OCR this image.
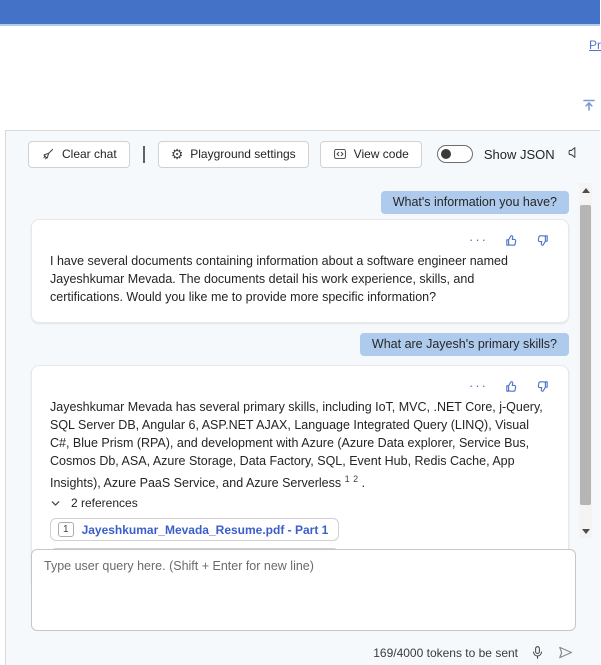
Pr
Clear chat	⚙ Playground settings	View code	Show JSON
What's information you have?
···

I have several documents containing information about a software engineer named Jayeshkumar Mevada. The documents detail his work experience, skills, and certifications. Would you like me to provide more specific information?

What are Jayesh's primary skills?
···

Jayeshkumar Mevada has several primary skills, including IoT, MVC, .NET Core, j-Query, SQL Server DB, Angular 6, ASP.NET AJAX, Language Integrated Query (LINQ), Visual C#, Blue Prism (RPA), and development with Azure (Azure Data explorer, Service Bus, Cosmos Db, ASA, Azure Storage, Data Factory, SQL, Event Hub, Redis Cache, App Insights), Azure PaaS Service, and Azure Serverless $^1$ $^2$ .

2 references
1	Jayeshkumar_Mevada_Resume.pdf - Part 1
Type user query here. (Shift + Enter for new line)
169/4000 tokens to be sent
